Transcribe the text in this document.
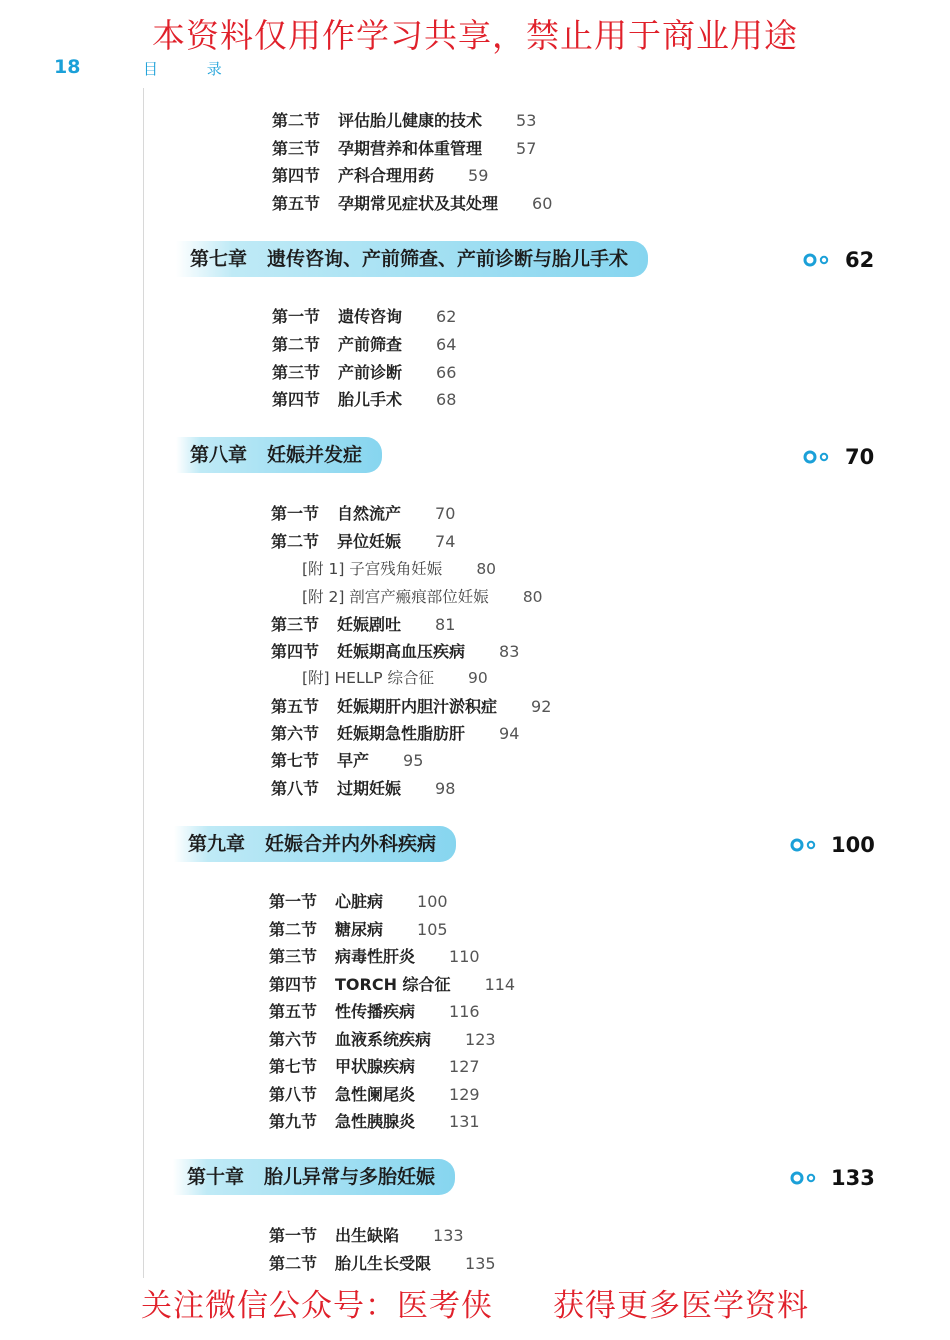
本资料仅用作学习共享，禁止用于商业用途
18	目 录
第二节 评估胎儿健康的技术 53
第三节 孕期营养和体重管理 57
第四节 产科合理用药 59
第五节 孕期常见症状及其处理 60
第七章 遗传咨询、产前筛查、产前诊断与胎儿手术	62
第一节 遗传咨询 62
第二节 产前筛查 64
第三节 产前诊断 66
第四节 胎儿手术 68
第八章 妊娠并发症	70
第一节 自然流产 70
第二节 异位妊娠 74
[附 1] 子宫残角妊娠 80
[附 2] 剖宫产瘢痕部位妊娠 80
第三节 妊娠剧吐 81
第四节 妊娠期高血压疾病 83
[附] HELLP 综合征 90
第五节 妊娠期肝内胆汁淤积症 92
第六节 妊娠期急性脂肪肝 94
第七节 早产 95
第八节 过期妊娠 98
第九章 妊娠合并内外科疾病	100
第一节 心脏病 100
第二节 糖尿病 105
第三节 病毒性肝炎 110
第四节 TORCH 综合征 114
第五节 性传播疾病 116
第六节 血液系统疾病 123
第七节 甲状腺疾病 127
第八节 急性阑尾炎 129
第九节 急性胰腺炎 131
第十章 胎儿异常与多胎妊娠	133
第一节 出生缺陷 133
第二节 胎儿生长受限 135
关注微信公众号：医考侠 获得更多医学资料
